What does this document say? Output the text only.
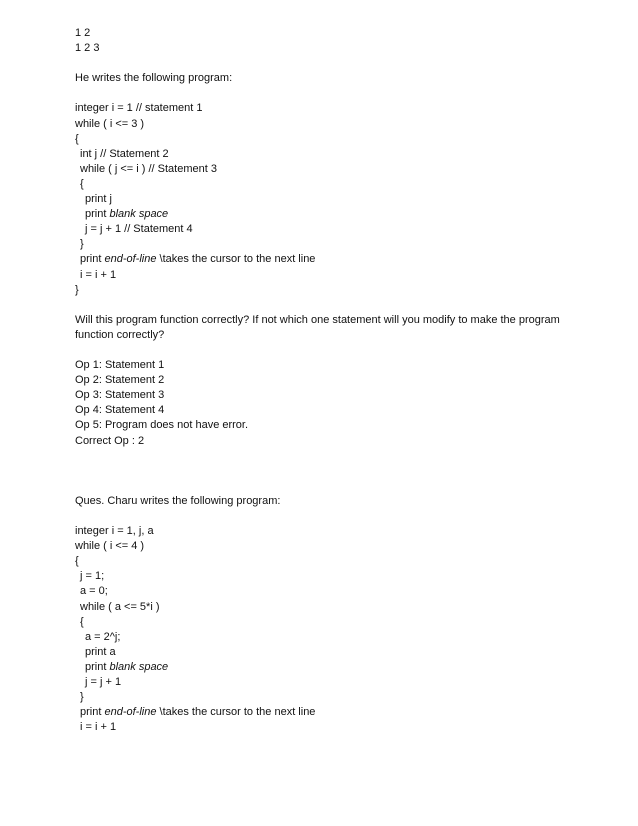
1 2

1 2 3

He writes the following program:

integer i = 1 // statement 1

while ( i <= 3 )

{

int j // Statement 2

while ( j <= i ) // Statement 3

{

print j

print blank space

j = j + 1 // Statement 4

}

print end-of-line \takes the cursor to the next line

i = i + 1

}

Will this program function correctly? If not which one statement will you modify to make the program function correctly?

Op 1: Statement 1

Op 2: Statement 2

Op 3: Statement 3

Op 4: Statement 4

Op 5: Program does not have error.

Correct Op : 2

Ques. Charu writes the following program:

integer i = 1, j, a

while ( i <= 4 )

{

j = 1;

a = 0;

while ( a <= 5*i )

{

a = 2^j;

print a

print blank space

j = j + 1

}

print end-of-line \takes the cursor to the next line

i = i + 1
